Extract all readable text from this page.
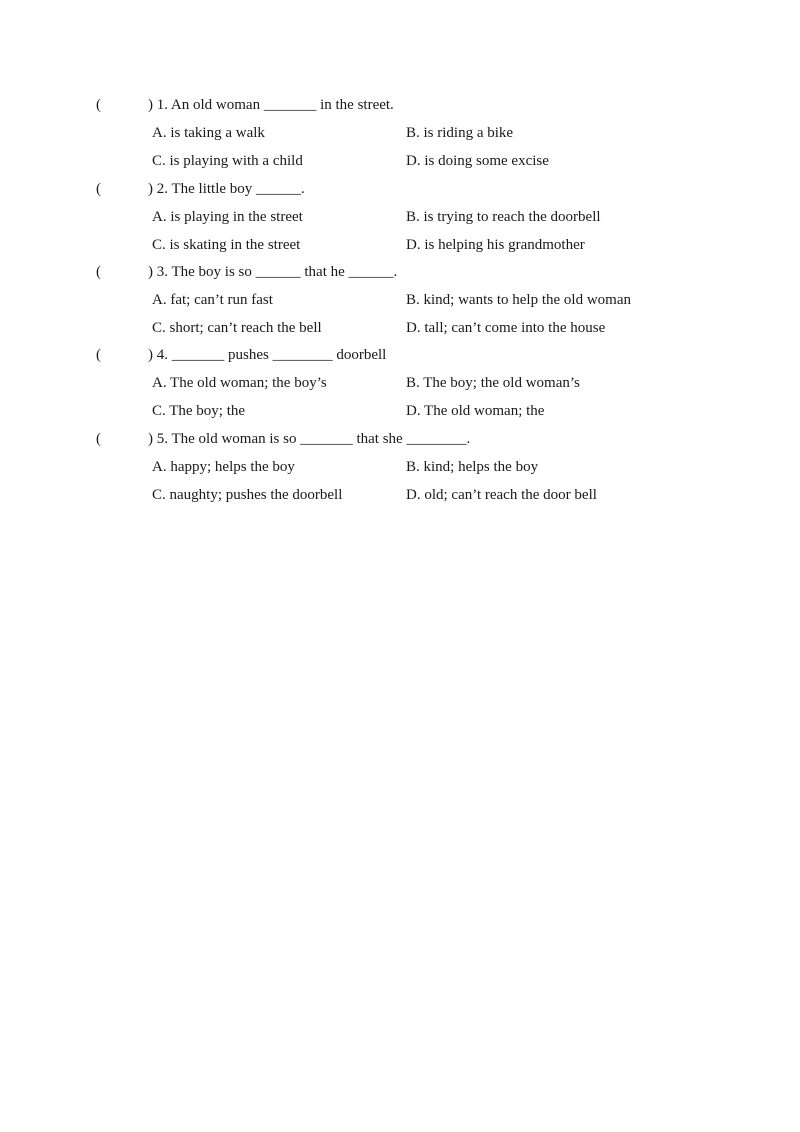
(	) 1. An old woman _______ in the street.
A. is taking a walk	B. is riding a bike
C. is playing with a child	D. is doing some excise
(	) 2. The little boy ______.
A. is playing in the street	B. is trying to reach the doorbell
C. is skating in the street	D. is helping his grandmother
(	) 3. The boy is so ______ that he ______.
A. fat; can’t run fast	B. kind; wants to help the old woman
C. short; can’t reach the bell	D. tall; can’t come into the house
(	) 4. _______ pushes ________ doorbell
A. The old woman; the boy’s	B. The boy; the old woman’s
C. The boy; the	D. The old woman; the
(	) 5. The old woman is so _______ that she ________.
A. happy; helps the boy	B. kind; helps the boy
C. naughty; pushes the doorbell	D. old; can’t reach the door bell
